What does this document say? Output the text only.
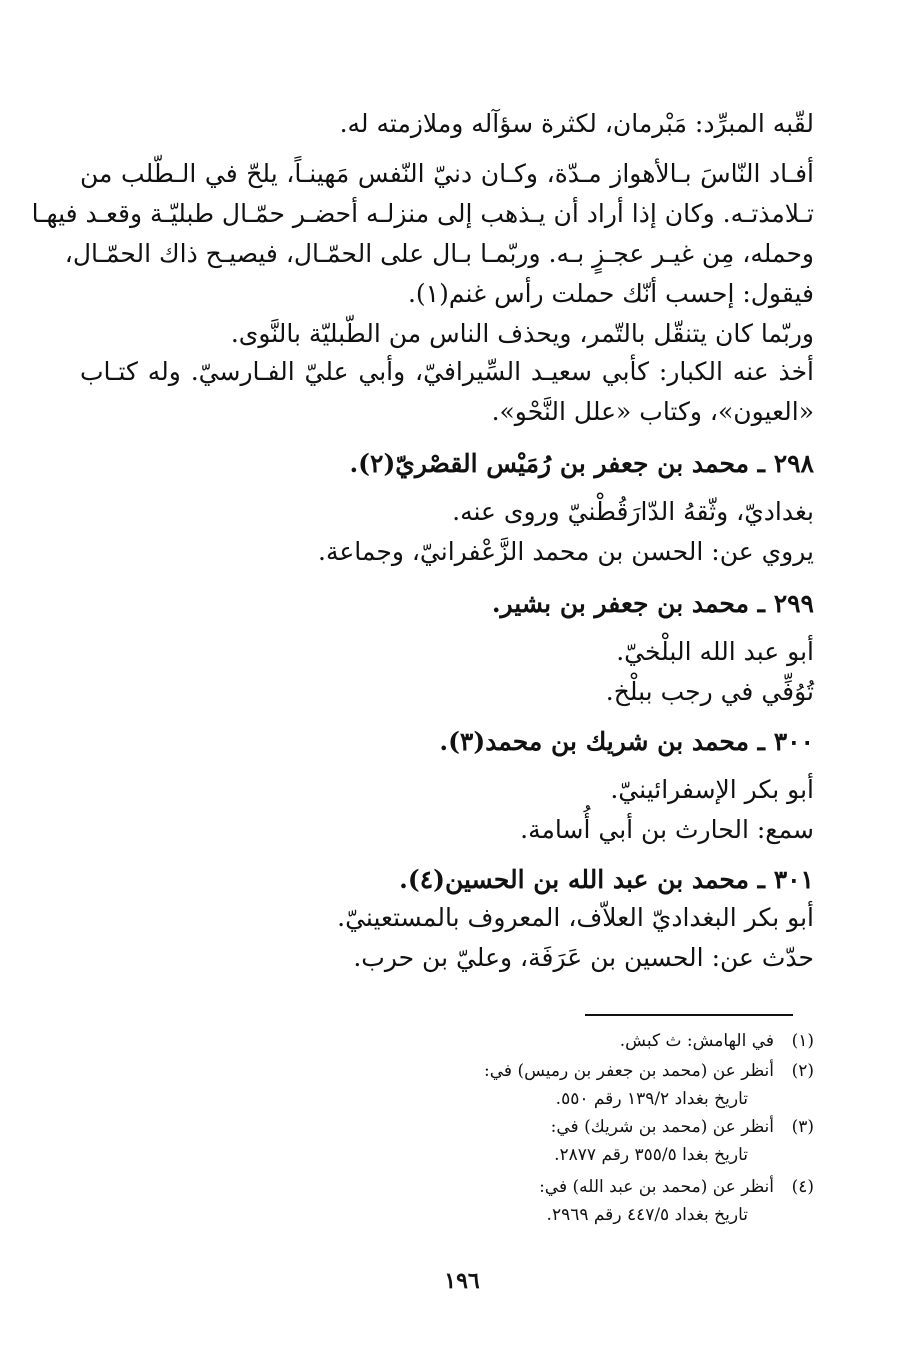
لقّبه المبرِّد: مَبْرمان، لكثرة سؤآله وملازمته له.
أفـاد النّاسَ بـالأهواز مـدّة، وكـان دنيّ النّفس مَهينـاً، يلحّ في الـطّلب من
تـلامذتـه. وكان إذا أراد أن يـذهب إلى منزلـه أحضـر حمّـال طبليّـة وقعـد فيهـا
وحمله، مِن غيـر عجـزٍ بـه. وربّمـا بـال على الحمّـال، فيصيـح ذاك الحمّـال،
فيقول: إحسب أنّك حملت رأس غنم(١).
وربّما كان يتنقّل بالتّمر، ويحذف الناس من الطّبليّة بالنَّوى.
أخذ عنه الكبار: كأبي سعيـد السِّيرافيّ، وأبي عليّ الفـارسيّ. وله كتـاب
«العيون»، وكتاب «علل النَّحْو».
٢٩٨ ـ محمد بن جعفر بن رُمَيْس القصْريّ(٢).
بغداديّ، وثّقهُ الدّارَقُطْنيّ وروى عنه.
يروي عن: الحسن بن محمد الزَّعْفرانيّ، وجماعة.
٢٩٩ ـ محمد بن جعفر بن بشير.
أبو عبد الله البلْخيّ.
تُوُفِّي في رجب ببلْخ.
٣٠٠ ـ محمد بن شريك بن محمد(٣).
أبو بكر الإسفرائينيّ.
سمع: الحارث بن أبي أُسامة.
٣٠١ ـ محمد بن عبد الله بن الحسين(٤).
أبو بكر البغداديّ العلاّف، المعروف بالمستعينيّ.
حدّث عن: الحسين بن عَرَفَة، وعليّ بن حرب.
(١)في الهامش: ث كبش.
(٢)أنظر عن (محمد بن جعفر بن رميس) في:
تاريخ بغداد ١٣٩/٢ رقم ٥٥٠.
(٣)أنظر عن (محمد بن شريك) في:
تاريخ بغدا ٣٥٥/٥ رقم ٢٨٧٧.
(٤)أنظر عن (محمد بن عبد الله) في:
تاريخ بغداد ٤٤٧/٥ رقم ٢٩٦٩.
١٩٦
